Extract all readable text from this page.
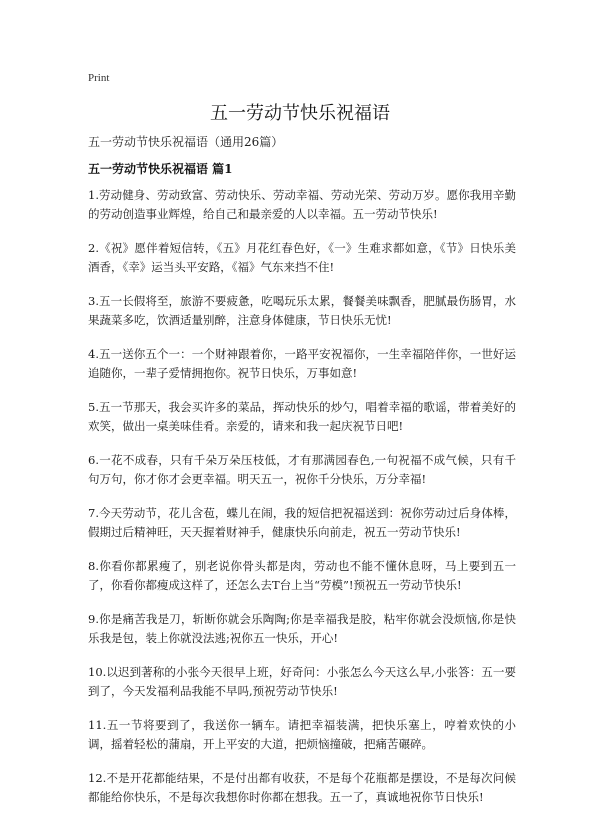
Print
五一劳动节快乐祝福语
五一劳动节快乐祝福语（通用26篇）
五一劳动节快乐祝福语 篇1

1.劳动健身、劳动致富、劳动快乐、劳动幸福、劳动光荣、劳动万岁。愿你我用辛勤的劳动创造事业辉煌，给自己和最亲爱的人以幸福。五一劳动节快乐!

2.《祝》愿伴着短信转，《五》月花红春色好，《一》生难求都如意，《节》日快乐美酒香，《幸》运当头平安路，《福》气东来挡不住!

3.五一长假将至，旅游不要疲惫，吃喝玩乐太累，餐餐美味飘香，肥腻最伤肠胃，水果蔬菜多吃，饮酒适量别醉，注意身体健康，节日快乐无忧!

4.五一送你五个一：一个财神跟着你，一路平安祝福你，一生幸福陪伴你，一世好运追随你，一辈子爱情拥抱你。祝节日快乐，万事如意!

5.五一节那天，我会买许多的菜品，挥动快乐的炒勺，唱着幸福的歌谣，带着美好的欢笑，做出一桌美味佳肴。亲爱的，请来和我一起庆祝节日吧!

6.一花不成春，只有千朵万朵压枝低，才有那满园春色,一句祝福不成气候，只有千句万句，你才你才会更幸福。明天五一，祝你千分快乐，万分幸福!

7.今天劳动节，花儿含苞，蝶儿在闹，我的短信把祝福送到：祝你劳动过后身体棒，假期过后精神旺，天天握着财神手，健康快乐向前走，祝五一劳动节快乐!

8.你看你都累瘦了，别老说你骨头都是肉，劳动也不能不懂休息呀，马上要到五一了，你看你都瘦成这样了，还怎么去T台上当“劳模”!预祝五一劳动节快乐!

9.你是痛苦我是刀，斩断你就会乐陶陶;你是幸福我是胶，粘牢你就会没烦恼,你是快乐我是包，装上你就没法逃;祝你五一快乐，开心!

10.以迟到著称的小张今天很早上班，好奇问：小张怎么今天这么早,小张答：五一要到了，今天发福利品我能不早吗,预祝劳动节快乐!

11.五一节将要到了，我送你一辆车。请把幸福装满，把快乐塞上，哼着欢快的小调，摇着轻松的蒲扇，开上平安的大道，把烦恼撞破，把痛苦碾碎。

12.不是开花都能结果，不是付出都有收获，不是每个花瓶都是摆设，不是每次问候都能给你快乐，不是每次我想你时你都在想我。五一了，真诚地祝你节日快乐!
